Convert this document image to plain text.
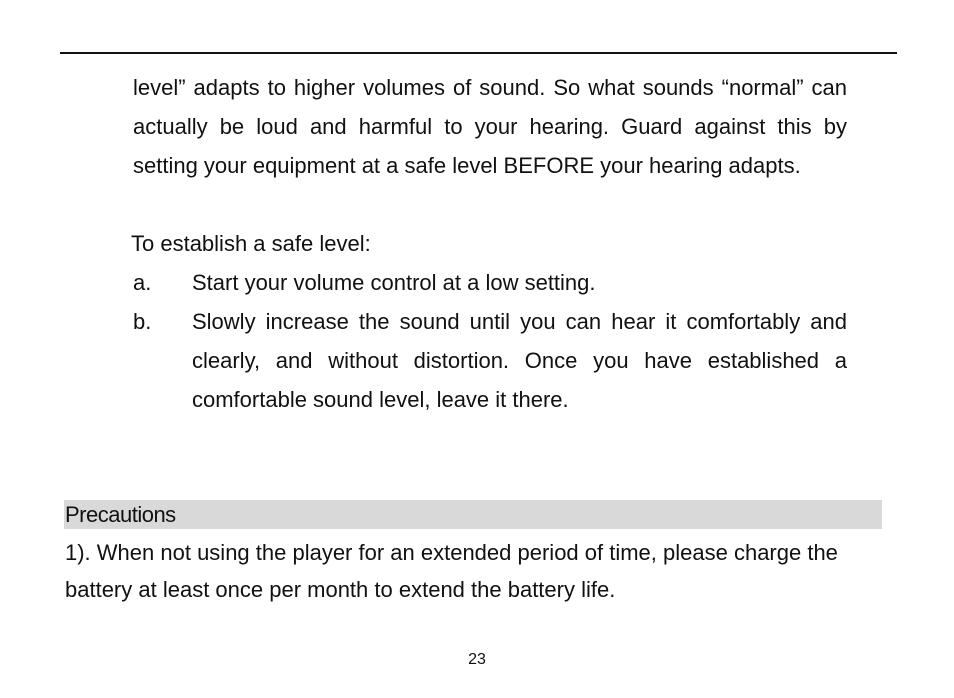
level” adapts to higher volumes of sound. So what sounds “normal” can actually be loud and harmful to your hearing. Guard against this by setting your equipment at a safe level BEFORE your hearing adapts.
To establish a safe level:
a. Start your volume control at a low setting.
b. Slowly increase the sound until you can hear it comfortably and clearly, and without distortion. Once you have established a comfortable sound level, leave it there.
Precautions
1). When not using the player for an extended period of time, please charge the battery at least once per month to extend the battery life.
23
